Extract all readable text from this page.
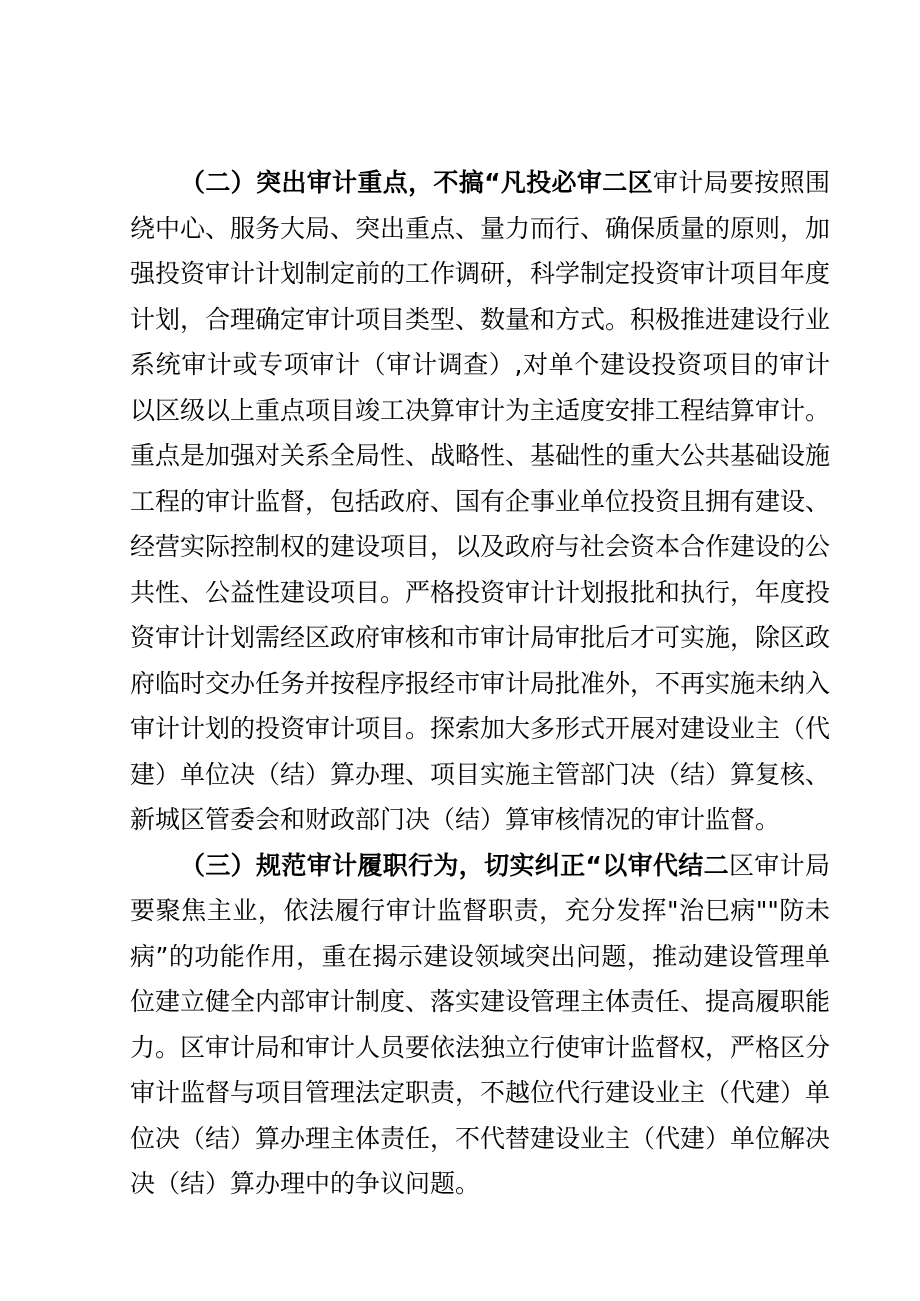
（二）突出审计重点，不搞“凡投必审二区审计局要按照围绕中心、服务大局、突出重点、量力而行、确保质量的原则，加强投资审计计划制定前的工作调研，科学制定投资审计项目年度计划，合理确定审计项目类型、数量和方式。积极推进建设行业系统审计或专项审计（审计调查）,对单个建设投资项目的审计以区级以上重点项目竣工决算审计为主适度安排工程结算审计。重点是加强对关系全局性、战略性、基础性的重大公共基础设施工程的审计监督，包括政府、国有企事业单位投资且拥有建设、经营实际控制权的建设项目，以及政府与社会资本合作建设的公共性、公益性建设项目。严格投资审计计划报批和执行，年度投资审计计划需经区政府审核和市审计局审批后才可实施，除区政府临时交办任务并按程序报经市审计局批准外，不再实施未纳入审计计划的投资审计项目。探索加大多形式开展对建设业主（代建）单位决（结）算办理、项目实施主管部门决（结）算复核、新城区管委会和财政部门决（结）算审核情况的审计监督。

（三）规范审计履职行为，切实纠正“以审代结二区审计局要聚焦主业，依法履行审计监督职责，充分发挥"治巳病""防未病”的功能作用，重在揭示建设领域突出问题，推动建设管理单位建立健全内部审计制度、落实建设管理主体责任、提高履职能力。区审计局和审计人员要依法独立行使审计监督权，严格区分审计监督与项目管理法定职责，不越位代行建设业主（代建）单位决（结）算办理主体责任，不代替建设业主（代建）单位解决决（结）算办理中的争议问题。
